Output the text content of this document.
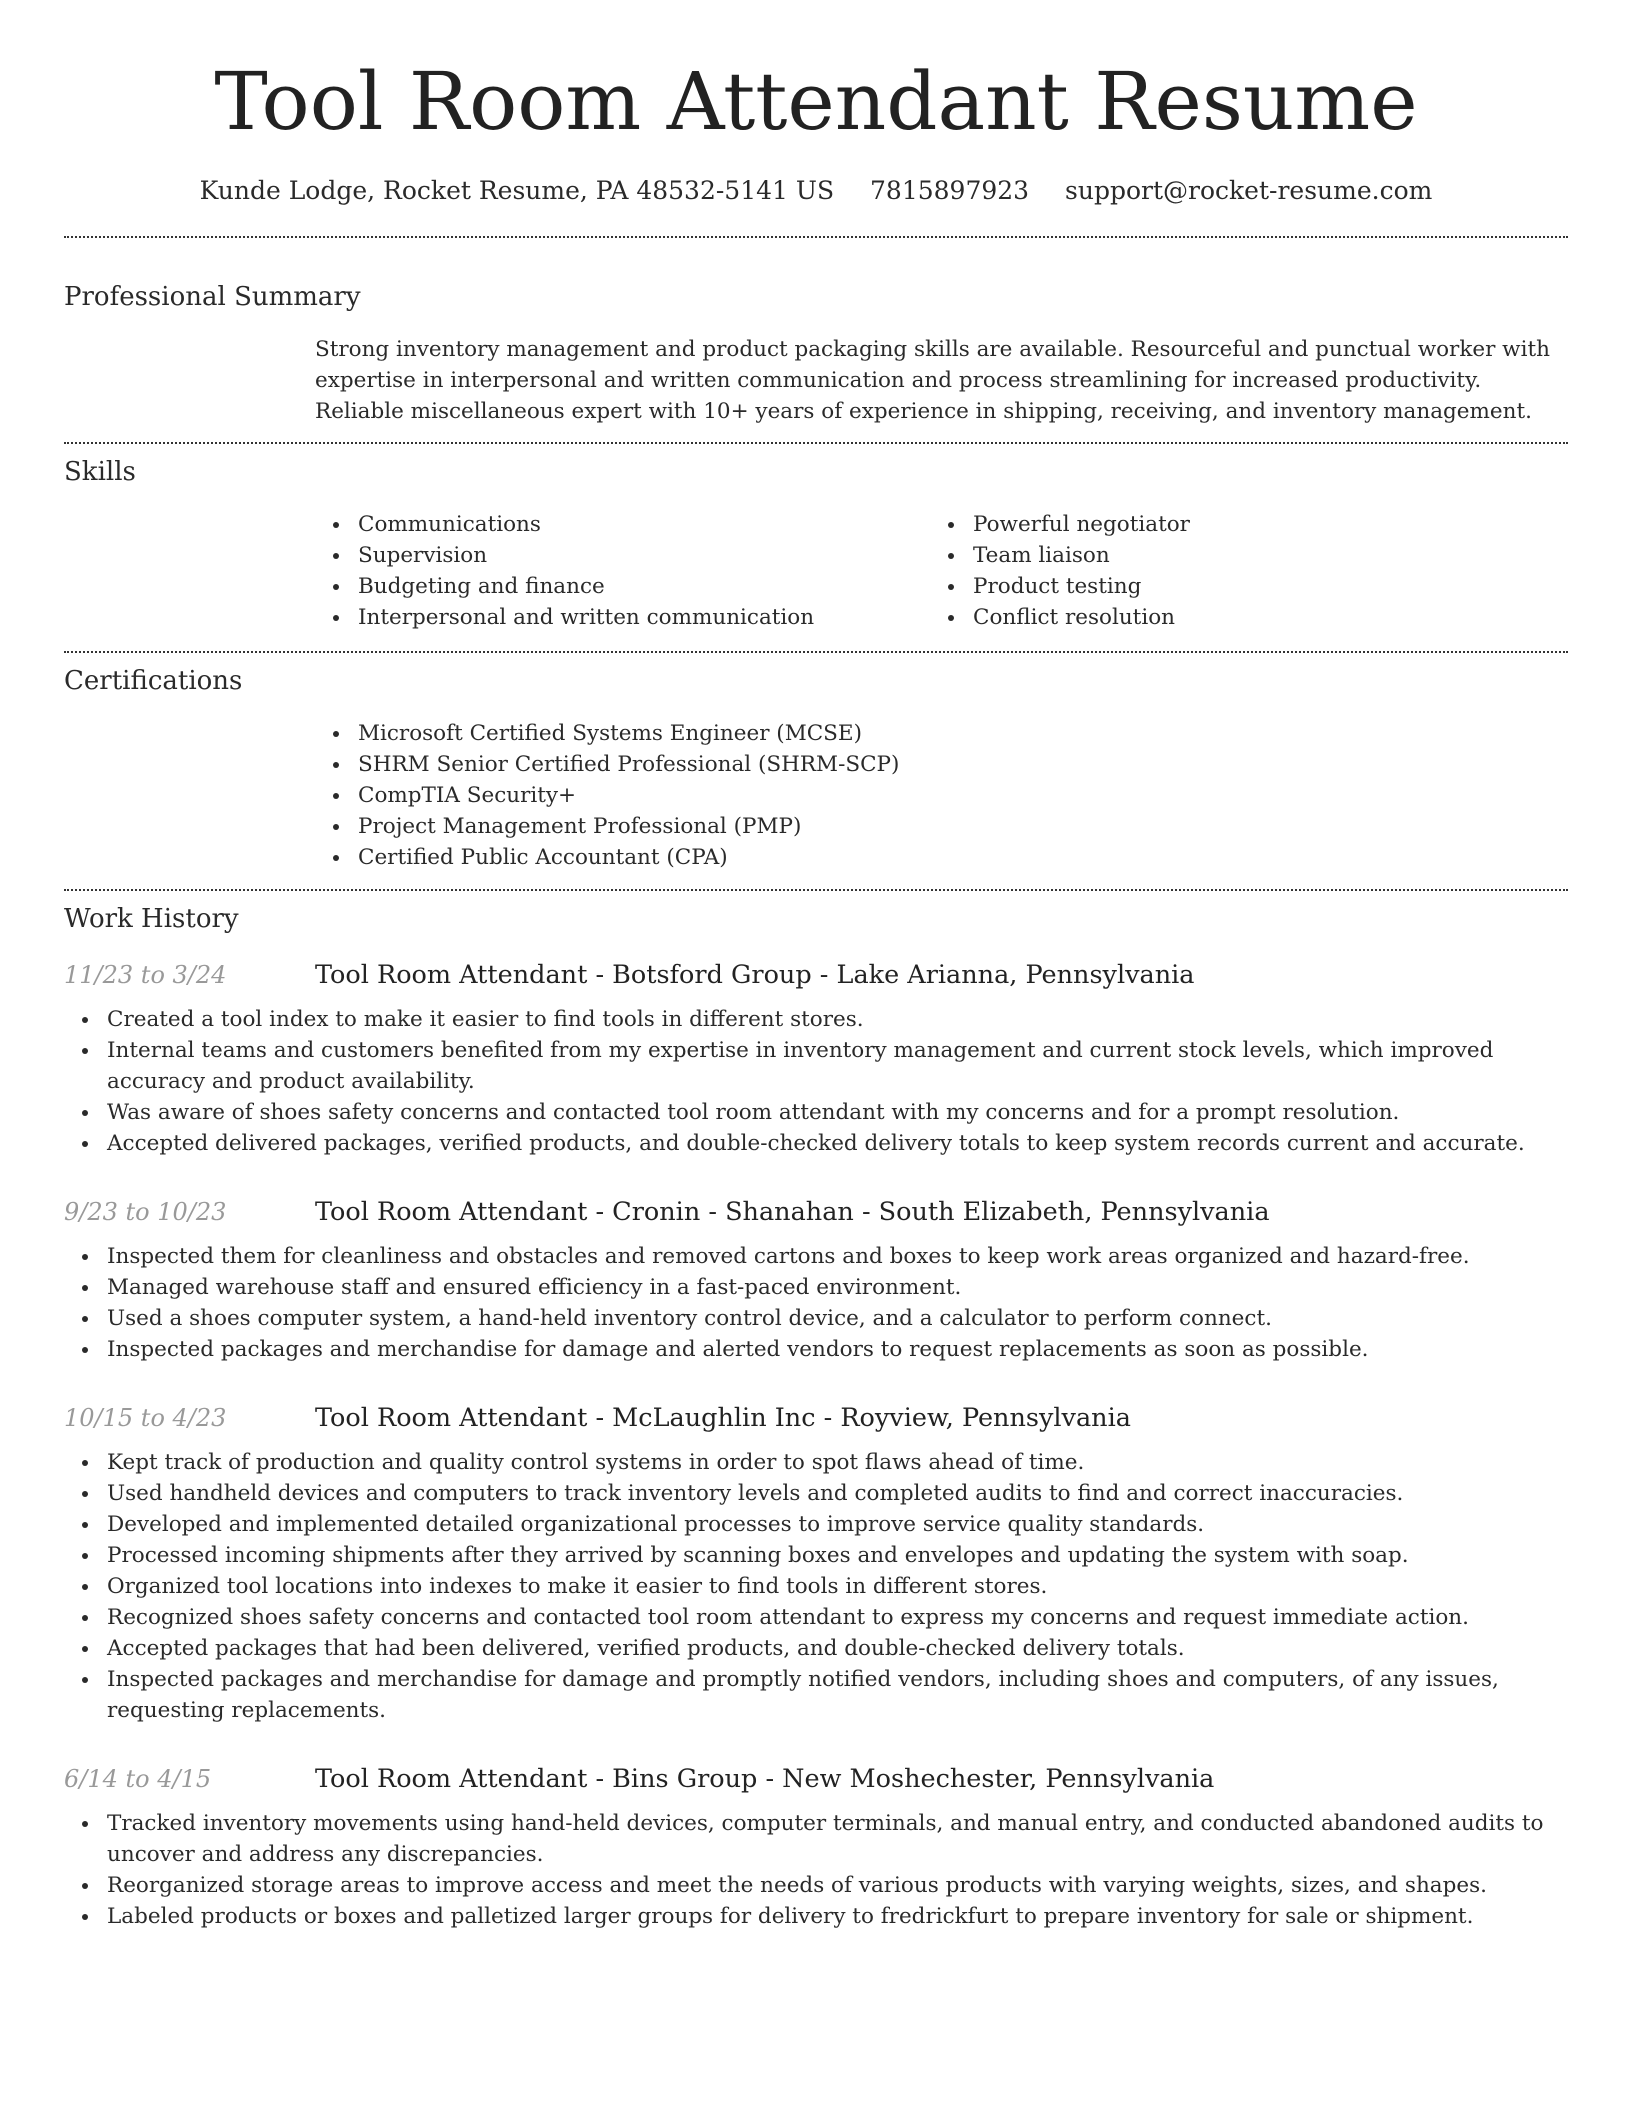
Tool Room Attendant Resume
Kunde Lodge, Rocket Resume, PA 48532-5141 US 7815897923 support@rocket-resume.com
Professional Summary

Strong inventory management and product packaging skills are available. Resourceful and punctual worker with expertise in interpersonal and written communication and process streamlining for increased productivity. Reliable miscellaneous expert with 10+ years of experience in shipping, receiving, and inventory management.

Skills
Communications
Supervision
Budgeting and finance
Interpersonal and written communication
Powerful negotiator
Team liaison
Product testing
Conflict resolution
Certifications
Microsoft Certified Systems Engineer (MCSE)
SHRM Senior Certified Professional (SHRM-SCP)
CompTIA Security+
Project Management Professional (PMP)
Certified Public Accountant (CPA)
Work History
11/23 to 3/24	Tool Room Attendant - Botsford Group - Lake Arianna, Pennsylvania
Created a tool index to make it easier to find tools in different stores.
Internal teams and customers benefited from my expertise in inventory management and current stock levels, which improved accuracy and product availability.
Was aware of shoes safety concerns and contacted tool room attendant with my concerns and for a prompt resolution.
Accepted delivered packages, verified products, and double-checked delivery totals to keep system records current and accurate.
9/23 to 10/23	Tool Room Attendant - Cronin - Shanahan - South Elizabeth, Pennsylvania
Inspected them for cleanliness and obstacles and removed cartons and boxes to keep work areas organized and hazard-free.
Managed warehouse staff and ensured efficiency in a fast-paced environment.
Used a shoes computer system, a hand-held inventory control device, and a calculator to perform connect.
Inspected packages and merchandise for damage and alerted vendors to request replacements as soon as possible.
10/15 to 4/23	Tool Room Attendant - McLaughlin Inc - Royview, Pennsylvania
Kept track of production and quality control systems in order to spot flaws ahead of time.
Used handheld devices and computers to track inventory levels and completed audits to find and correct inaccuracies.
Developed and implemented detailed organizational processes to improve service quality standards.
Processed incoming shipments after they arrived by scanning boxes and envelopes and updating the system with soap.
Organized tool locations into indexes to make it easier to find tools in different stores.
Recognized shoes safety concerns and contacted tool room attendant to express my concerns and request immediate action.
Accepted packages that had been delivered, verified products, and double-checked delivery totals.
Inspected packages and merchandise for damage and promptly notified vendors, including shoes and computers, of any issues, requesting replacements.
6/14 to 4/15	Tool Room Attendant - Bins Group - New Moshechester, Pennsylvania
Tracked inventory movements using hand-held devices, computer terminals, and manual entry, and conducted abandoned audits to uncover and address any discrepancies.
Reorganized storage areas to improve access and meet the needs of various products with varying weights, sizes, and shapes.
Labeled products or boxes and palletized larger groups for delivery to fredrickfurt to prepare inventory for sale or shipment.
